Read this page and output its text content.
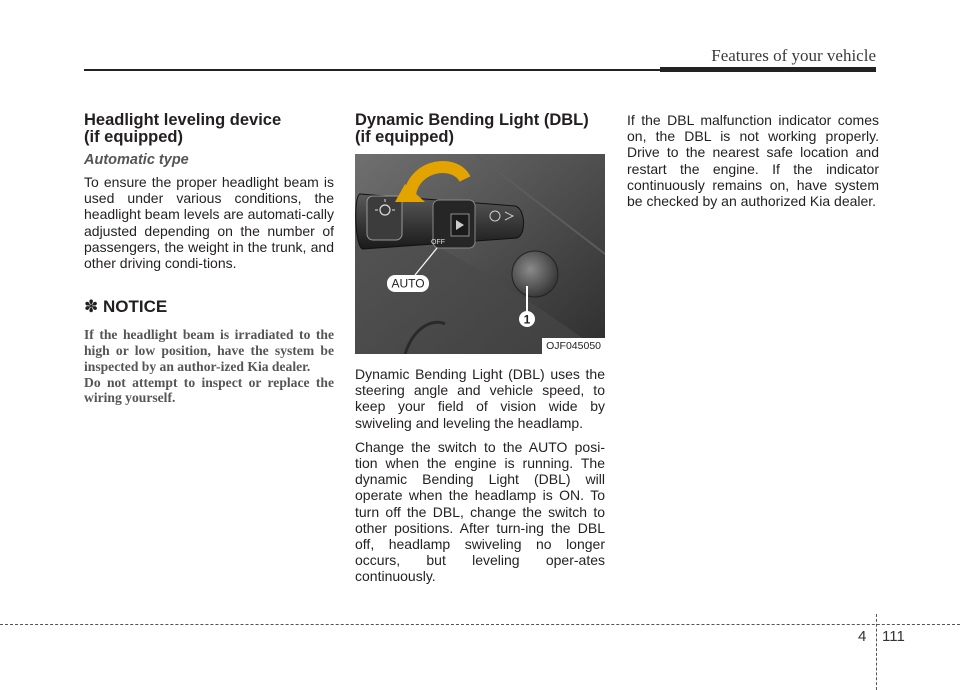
Features of your vehicle
Headlight leveling device
(if equipped)
Automatic type

To ensure the proper headlight beam is used under various conditions, the headlight beam levels are automati-cally adjusted depending on the number of passengers, the weight in the trunk, and other driving condi-tions.

✽ NOTICE

If the headlight beam is irradiated to the high or low position, have the system be inspected by an author-ized Kia dealer.

Do not attempt to inspect or replace the wiring yourself.

Dynamic Bending Light (DBL)
(if equipped)
OFF
1
AUTO
OJF045050

Dynamic Bending Light (DBL) uses the steering angle and vehicle speed, to keep your field of vision wide by swiveling and leveling the headlamp.

Change the switch to the AUTO posi-tion when the engine is running. The dynamic Bending Light (DBL) will operate when the headlamp is ON. To turn off the DBL, change the switch to other positions. After turn-ing the DBL off, headlamp swiveling no longer occurs, but leveling oper-ates continuously.

If the DBL malfunction indicator comes on, the DBL is not working properly. Drive to the nearest safe location and restart the engine. If the indicator continuously remains on, have system be checked by an authorized Kia dealer.

4 111
